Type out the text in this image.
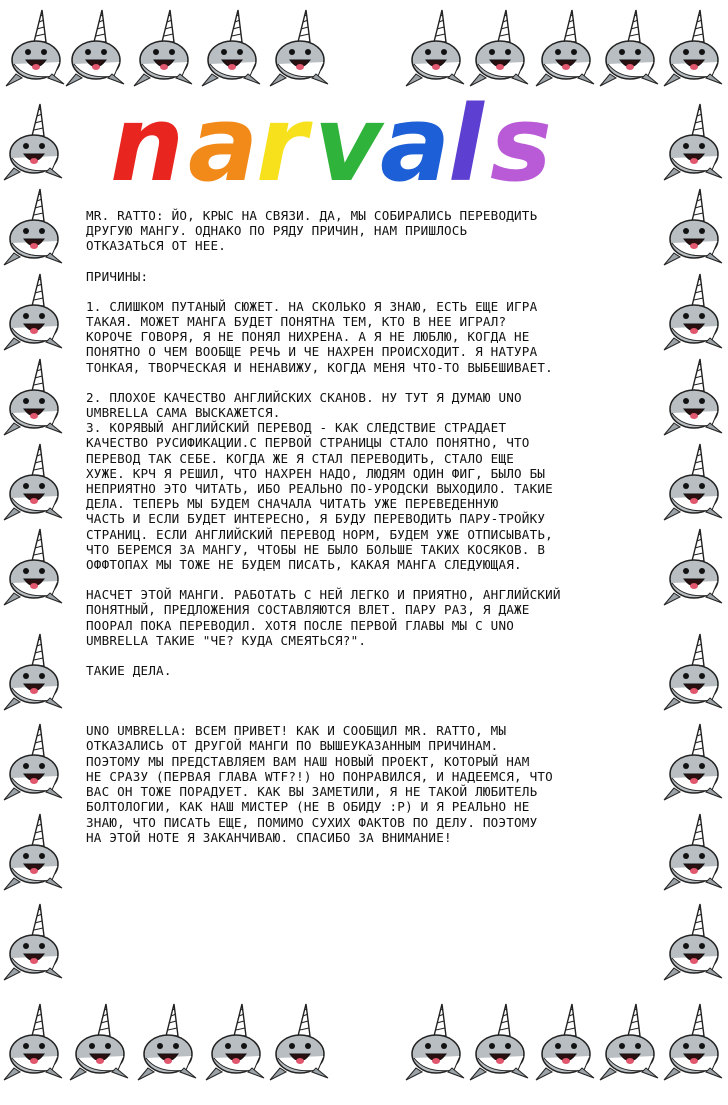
n a
r v
a
l s

MR. RATTO: ЙО, КРЫС НА СВЯЗИ. ДА, МЫ СОБИРАЛИСЬ ПЕРЕВОДИТЬ
ДРУГУЮ МАНГУ. ОДНАКО ПО РЯДУ ПРИЧИН, НАМ ПРИШЛОСЬ
ОТКАЗАТЬСЯ ОТ НЕЕ.

ПРИЧИНЫ:

1. СЛИШКОМ ПУТАНЫЙ СЮЖЕТ. НА СКОЛЬКО Я ЗНАЮ, ЕСТЬ ЕЩЕ ИГРА
ТАКАЯ. МОЖЕТ МАНГА БУДЕТ ПОНЯТНА ТЕМ, КТО В НЕЕ ИГРАЛ?
КОРОЧЕ ГОВОРЯ, Я НЕ ПОНЯЛ НИХРЕНА. А Я НЕ ЛЮБЛЮ, КОГДА НЕ
ПОНЯТНО О ЧЕМ ВООБЩЕ РЕЧЬ И ЧЕ НАХРЕН ПРОИСХОДИТ. Я НАТУРА
ТОНКАЯ, ТВОРЧЕСКАЯ И НЕНАВИЖУ, КОГДА МЕНЯ ЧТО-ТО ВЫБЕШИВАЕТ.

2. ПЛОХОЕ КАЧЕСТВО АНГЛИЙСКИХ СКАНОВ. НУ ТУТ Я ДУМАЮ UNO
UMBRELLA САМА ВЫСКАЖЕТСЯ.
3. КОРЯВЫЙ АНГЛИЙСКИЙ ПЕРЕВОД - КАК СЛЕДСТВИЕ СТРАДАЕТ
КАЧЕСТВО РУСИФИКАЦИИ.С ПЕРВОЙ СТРАНИЦЫ СТАЛО ПОНЯТНО, ЧТО
ПЕРЕВОД ТАК СЕБЕ. КОГДА ЖЕ Я СТАЛ ПЕРЕВОДИТЬ, СТАЛО ЕЩЕ
ХУЖЕ. КРЧ Я РЕШИЛ, ЧТО НАХРЕН НАДО, ЛЮДЯМ ОДИН ФИГ, БЫЛО БЫ
НЕПРИЯТНО ЭТО ЧИТАТЬ, ИБО РЕАЛЬНО ПО-УРОДСКИ ВЫХОДИЛО. ТАКИЕ
ДЕЛА. ТЕПЕРЬ МЫ БУДЕМ СНАЧАЛА ЧИТАТЬ УЖЕ ПЕРЕВЕДЕННУЮ
ЧАСТЬ И ЕСЛИ БУДЕТ ИНТЕРЕСНО, Я БУДУ ПЕРЕВОДИТЬ ПАРУ-ТРОЙКУ
СТРАНИЦ. ЕСЛИ АНГЛИЙСКИЙ ПЕРЕВОД НОРМ, БУДЕМ УЖЕ ОТПИСЫВАТЬ,
ЧТО БЕРЕМСЯ ЗА МАНГУ, ЧТОБЫ НЕ БЫЛО БОЛЬШЕ ТАКИХ КОСЯКОВ. В
ОФФТОПАХ МЫ ТОЖЕ НЕ БУДЕМ ПИСАТЬ, КАКАЯ МАНГА СЛЕДУЮЩАЯ.

НАСЧЕТ ЭТОЙ МАНГИ. РАБОТАТЬ С НЕЙ ЛЕГКО И ПРИЯТНО, АНГЛИЙСКИЙ
ПОНЯТНЫЙ, ПРЕДЛОЖЕНИЯ СОСТАВЛЯЮТСЯ ВЛЕТ. ПАРУ РАЗ, Я ДАЖЕ
ПООРАЛ ПОКА ПЕРЕВОДИЛ. ХОТЯ ПОСЛЕ ПЕРВОЙ ГЛАВЫ МЫ С UNO
UMBRELLA ТАКИЕ "ЧЕ? КУДА СМЕЯТЬСЯ?".

ТАКИЕ ДЕЛА.

UNO UMBRELLA: ВСЕМ ПРИВЕТ! КАК И СООБЩИЛ MR. RATTO, МЫ
ОТКАЗАЛИСЬ ОТ ДРУГОЙ МАНГИ ПО ВЫШЕУКАЗАННЫМ ПРИЧИНАМ.
ПОЭТОМУ МЫ ПРЕДСТАВЛЯЕМ ВАМ НАШ НОВЫЙ ПРОЕКТ, КОТОРЫЙ НАМ
НЕ СРАЗУ (ПЕРВАЯ ГЛАВА WTF?!) НО ПОНРАВИЛСЯ, И НАДЕЕМСЯ, ЧТО
ВАС ОН ТОЖЕ ПОРАДУЕТ. КАК ВЫ ЗАМЕТИЛИ, Я НЕ ТАКОЙ ЛЮБИТЕЛЬ
БОЛТОЛОГИИ, КАК НАШ МИСТЕР (НЕ В ОБИДУ :Р) И Я РЕАЛЬНО НЕ
ЗНАЮ, ЧТО ПИСАТЬ ЕЩЕ, ПОМИМО СУХИХ ФАКТОВ ПО ДЕЛУ. ПОЭТОМУ
НА ЭТОЙ НОТЕ Я ЗАКАНЧИВАЮ. СПАСИБО ЗА ВНИМАНИЕ!
